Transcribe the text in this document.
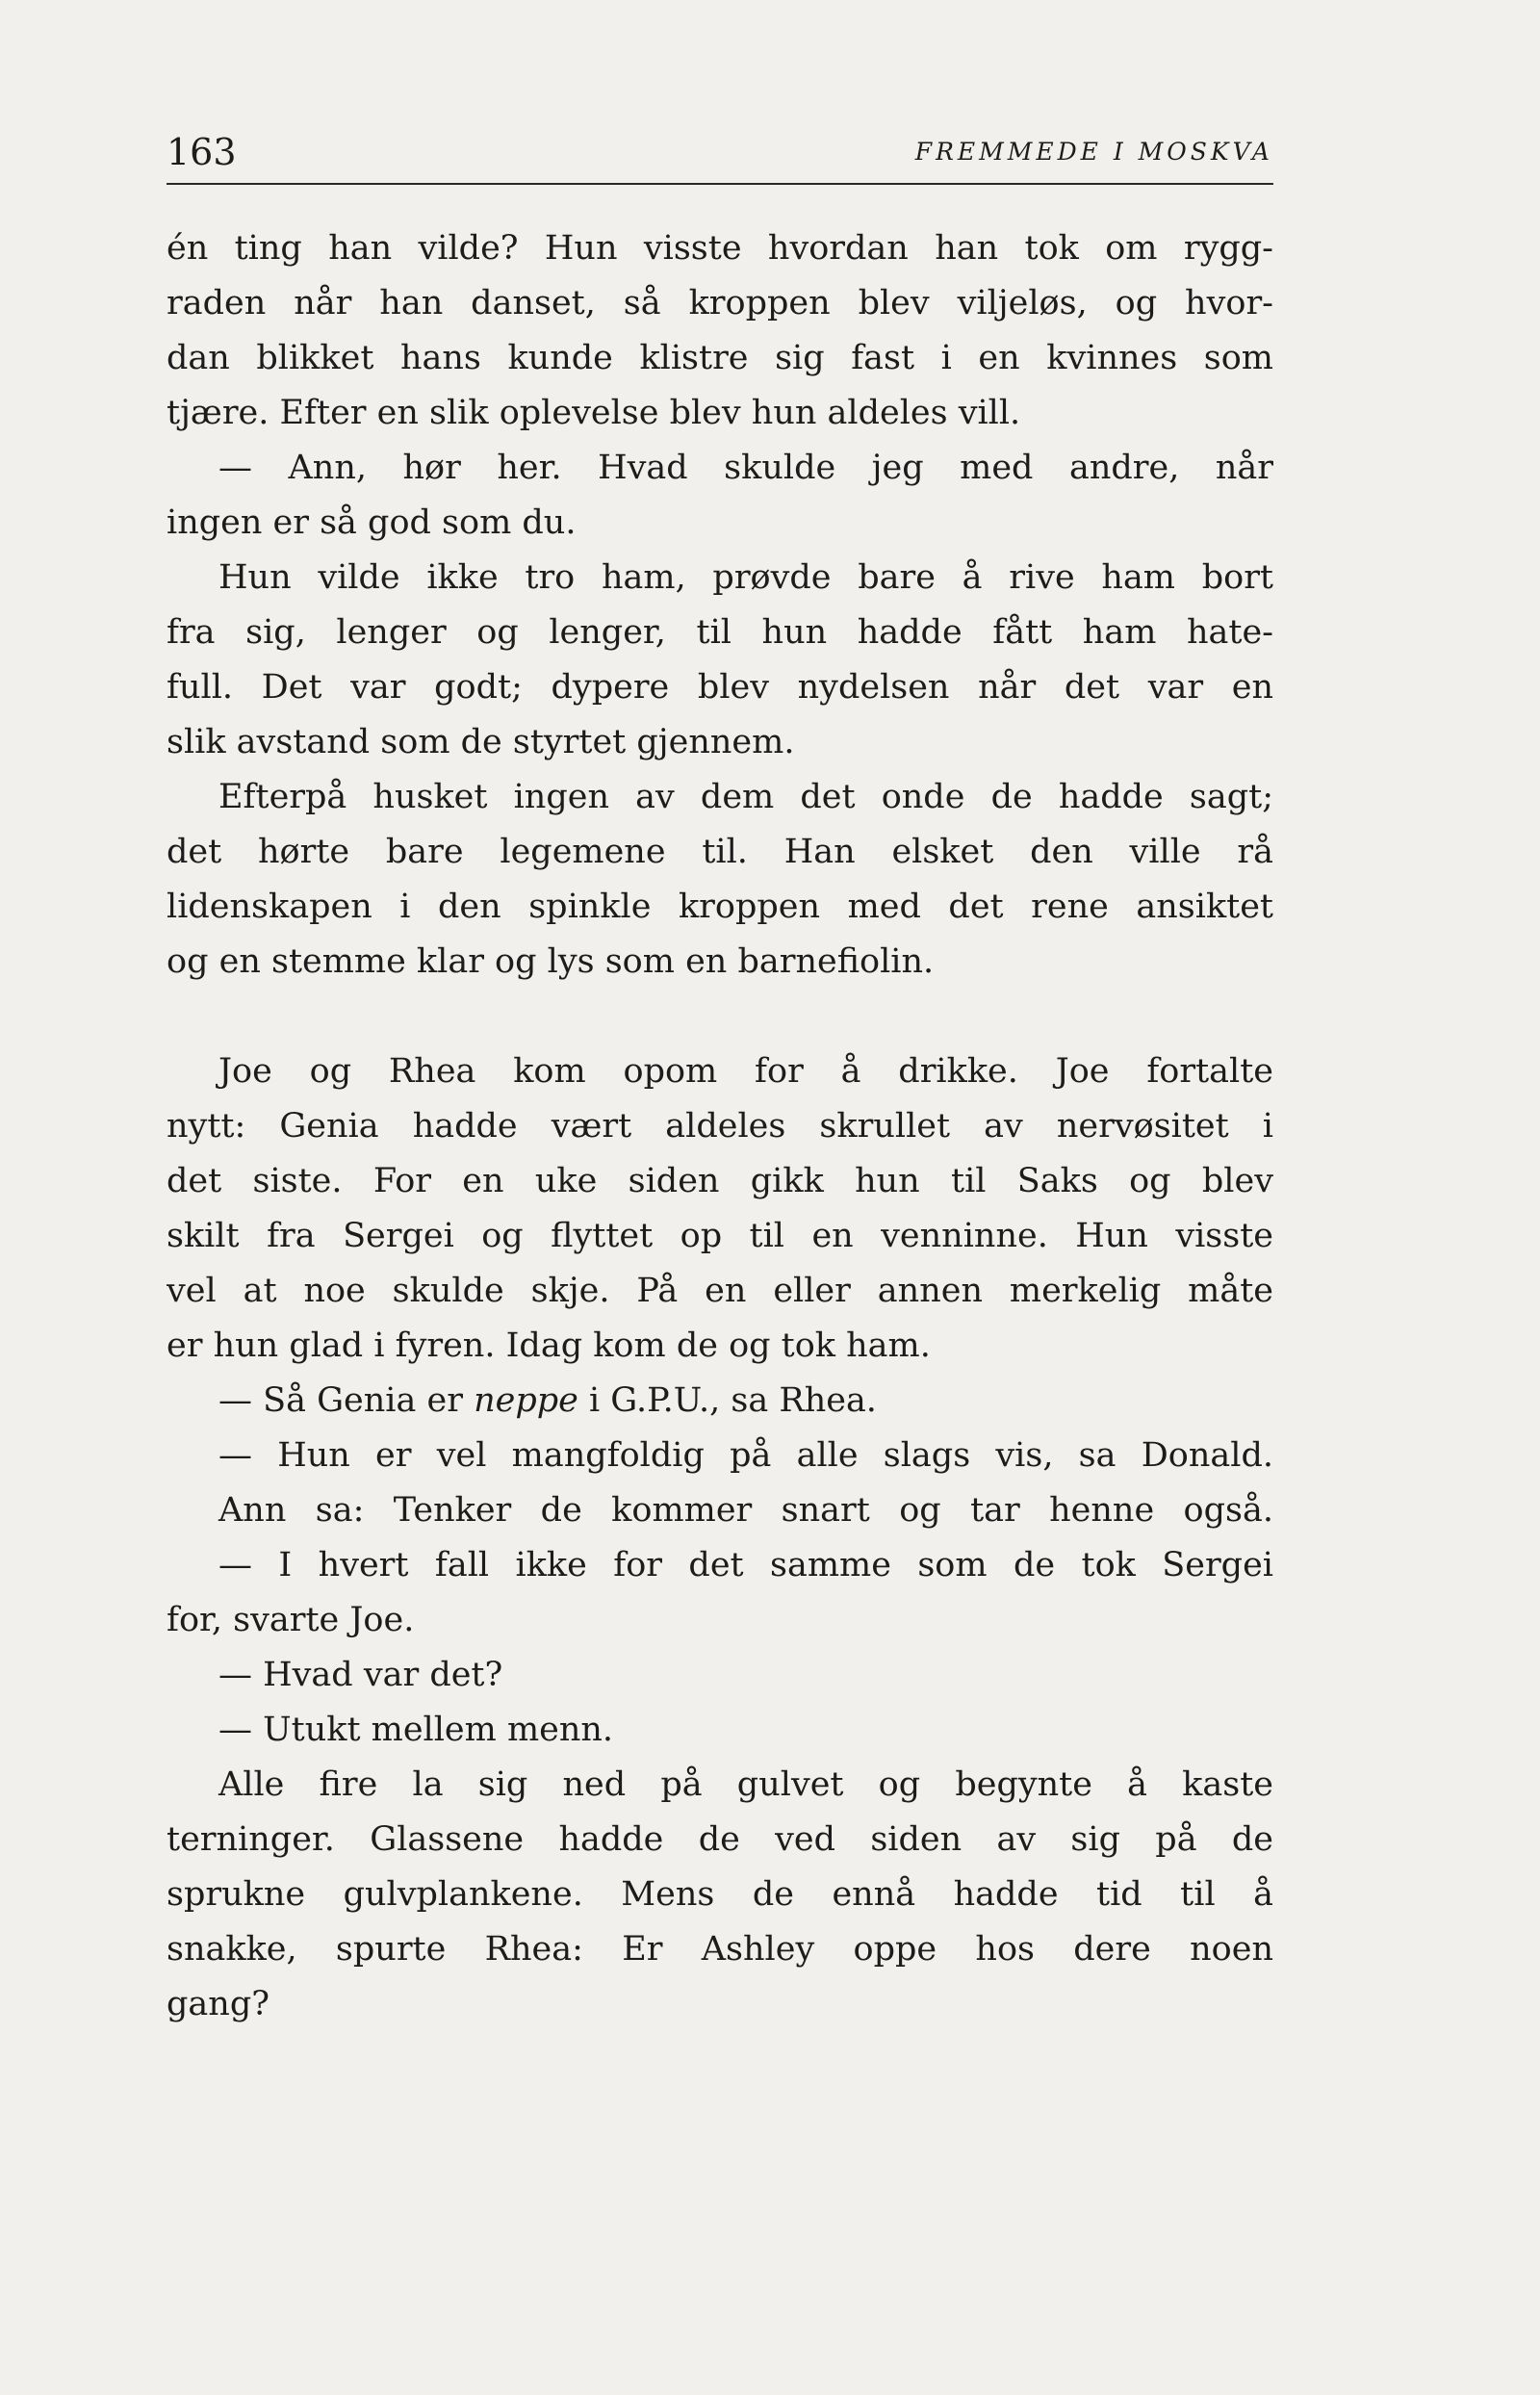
163	FREMMEDE I MOSKVA
én ting han vilde? Hun visste hvordan han tok om rygg-
raden når han danset, så kroppen blev viljeløs, og hvor-
dan blikket hans kunde klistre sig fast i en kvinnes som
tjære. Efter en slik oplevelse blev hun aldeles vill.
— Ann, hør her. Hvad skulde jeg med andre, når
ingen er så god som du.
Hun vilde ikke tro ham, prøvde bare å rive ham bort
fra sig, lenger og lenger, til hun hadde fått ham hate-
full. Det var godt; dypere blev nydelsen når det var en
slik avstand som de styrtet gjennem.
Efterpå husket ingen av dem det onde de hadde sagt;
det hørte bare legemene til. Han elsket den ville rå
lidenskapen i den spinkle kroppen med det rene ansiktet
og en stemme klar og lys som en barnefiolin.
Joe og Rhea kom opom for å drikke. Joe fortalte
nytt: Genia hadde vært aldeles skrullet av nervøsitet i
det siste. For en uke siden gikk hun til Saks og blev
skilt fra Sergei og flyttet op til en venninne. Hun visste
vel at noe skulde skje. På en eller annen merkelig måte
er hun glad i fyren. Idag kom de og tok ham.
— Så Genia er neppe i G.P.U., sa Rhea.
— Hun er vel mangfoldig på alle slags vis, sa Donald.
Ann sa: Tenker de kommer snart og tar henne også.
— I hvert fall ikke for det samme som de tok Sergei
for, svarte Joe.
— Hvad var det?
— Utukt mellem menn.
Alle fire la sig ned på gulvet og begynte å kaste
terninger. Glassene hadde de ved siden av sig på de
sprukne gulvplankene. Mens de ennå hadde tid til å
snakke, spurte Rhea: Er Ashley oppe hos dere noen
gang?
